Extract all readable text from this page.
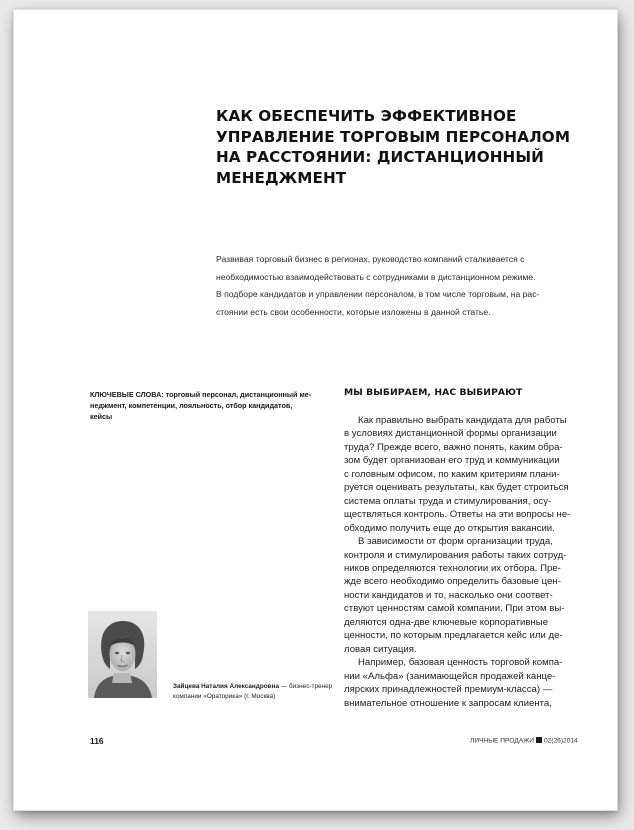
КАК ОБЕСПЕЧИТЬ ЭФФЕКТИВНОЕ
УПРАВЛЕНИЕ ТОРГОВЫМ ПЕРСОНАЛОМ
НА РАССТОЯНИИ: ДИСТАНЦИОННЫЙ
МЕНЕДЖМЕНТ

Развивая торговый бизнес в регионах, руководство компаний сталкивается с
необходимостью взаимодействовать с сотрудниками в дистанционном режиме.
В подборе кандидатов и управлении персоналом, в том числе торговым, на рас-
стоянии есть свои особенности, которые изложены в данной статье.

КЛЮЧЕВЫЕ СЛОВА: торговый персонал, дистанционный ме-
неджмент, компетенции, лояльность, отбор кандидатов,
кейсы

МЫ ВЫБИРАЕМ, НАС ВЫБИРАЮТ
Как правильно выбрать кандидата для работы
в условиях дистанционной формы организации
труда? Прежде всего, важно понять, каким обра-
зом будет организован его труд и коммуникации
с головным офисом, по каким критериям плани-
руется оценивать результаты, как будет строиться
система оплаты труда и стимулирования, осу-
ществляться контроль. Ответы на эти вопросы не-
обходимо получить еще до открытия вакансии.
В зависимости от форм организации труда,
контроля и стимулирования работы таких сотруд-
ников определяются технологии их отбора. Пре-
жде всего необходимо определить базовые цен-
ности кандидатов и то, насколько они соответ-
ствуют ценностям самой компании. При этом вы-
деляются одна-две ключевые корпоративные
ценности, по которым предлагается кейс или де-
ловая ситуация.
Например, базовая ценность торговой компа-
нии «Альфа» (занимающейся продажей канце-
лярских принадлежностей премиум-класса) —
внимательное отношение к запросам клиента,

Зайцева Наталия Александровна — бизнес-тренер
компании «Ораторика» (г. Москва)

116	ЛИЧНЫЕ ПРОДАЖИ 02(26)2014
